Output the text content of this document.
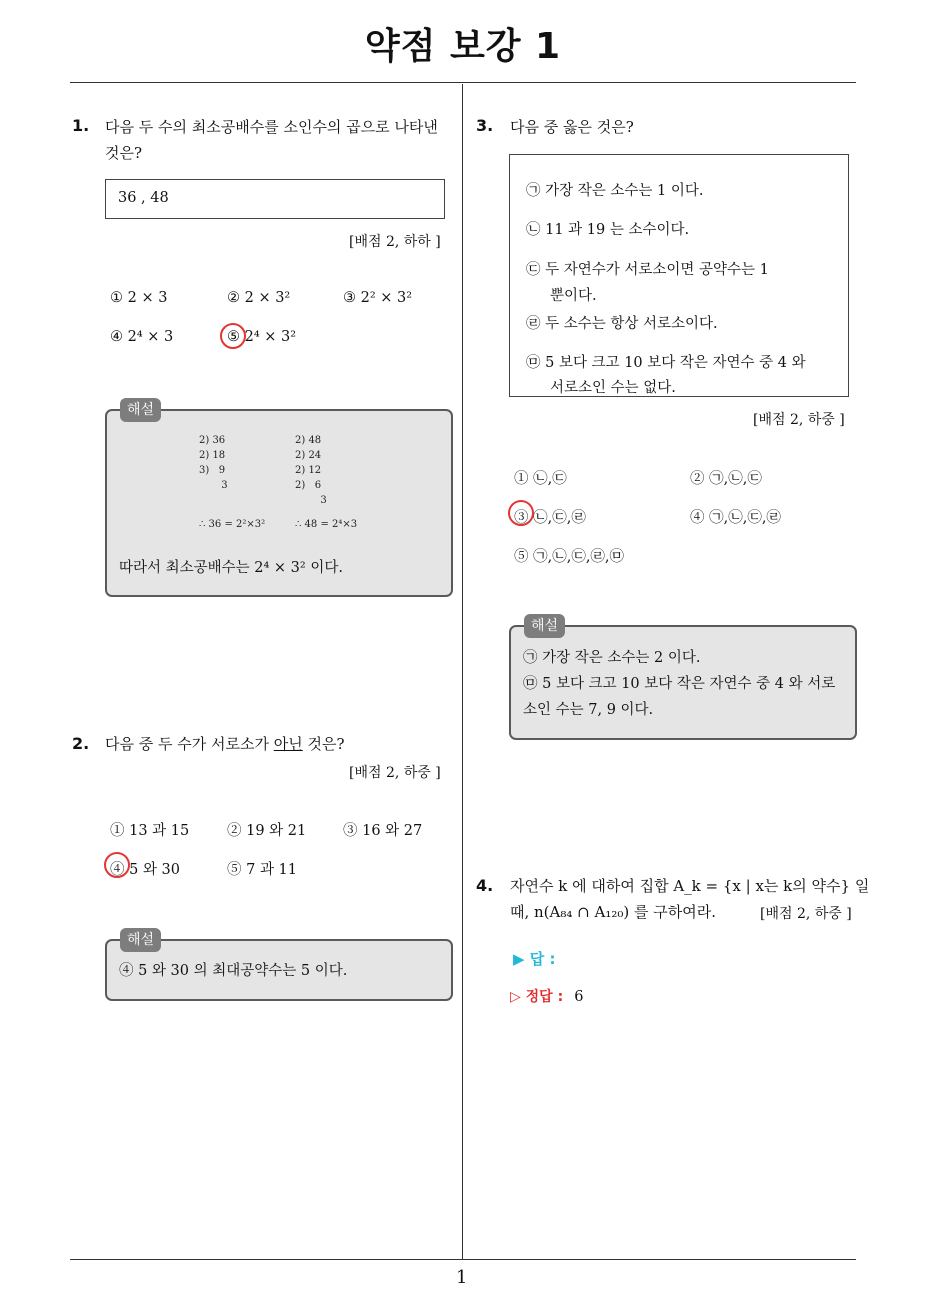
약점 보강 1
1
1. 다음 두 수의 최소공배수를 소인수의 곱으로 나타낸
것은?
36 , 48
[배점 2, 하하 ]
① 2 × 3	② 2 × 3²	③ 2² × 3²
④ 2⁴ × 3	⑤ 2⁴ × 3²
2) 36
2) 18
3)   9
3
2) 48
2) 24
2) 12
2)   6
3
∴ 36 = 2²×3²	∴ 48 = 2⁴×3
따라서 최소공배수는 2⁴ × 3² 이다.
해설
2. 다음 중 두 수가 서로소가 아닌 것은?
[배점 2, 하중 ]
① 13 과 15	② 19 와 21	③ 16 와 27
④ 5 와 30	⑤ 7 과 11
④ 5 와 30 의 최대공약수는 5 이다.
해설
3. 다음 중 옳은 것은?
㉠ 가장 작은 소수는 1 이다.
㉡ 11 과 19 는 소수이다.
㉢ 두 자연수가 서로소이면 공약수는 1
뿐이다.
㉣ 두 소수는 항상 서로소이다.
㉤ 5 보다 크고 10 보다 작은 자연수 중 4 와
서로소인 수는 없다.
[배점 2, 하중 ]
① ㉡,㉢	② ㉠,㉡,㉢
③ ㉡,㉢,㉣	④ ㉠,㉡,㉢,㉣
⑤ ㉠,㉡,㉢,㉣,㉤
㉠ 가장 작은 소수는 2 이다.
㉤ 5 보다 크고 10 보다 작은 자연수 중 4 와 서로
소인 수는 7, 9 이다.
해설
4. 자연수 k 에 대하여 집합 A_k = {x | x는 k의 약수} 일
때, n(A₈₄ ∩ A₁₂₀) 를 구하여라.	[배점 2, 하중 ]
▶ 답 :
▷ 정답 : 6
